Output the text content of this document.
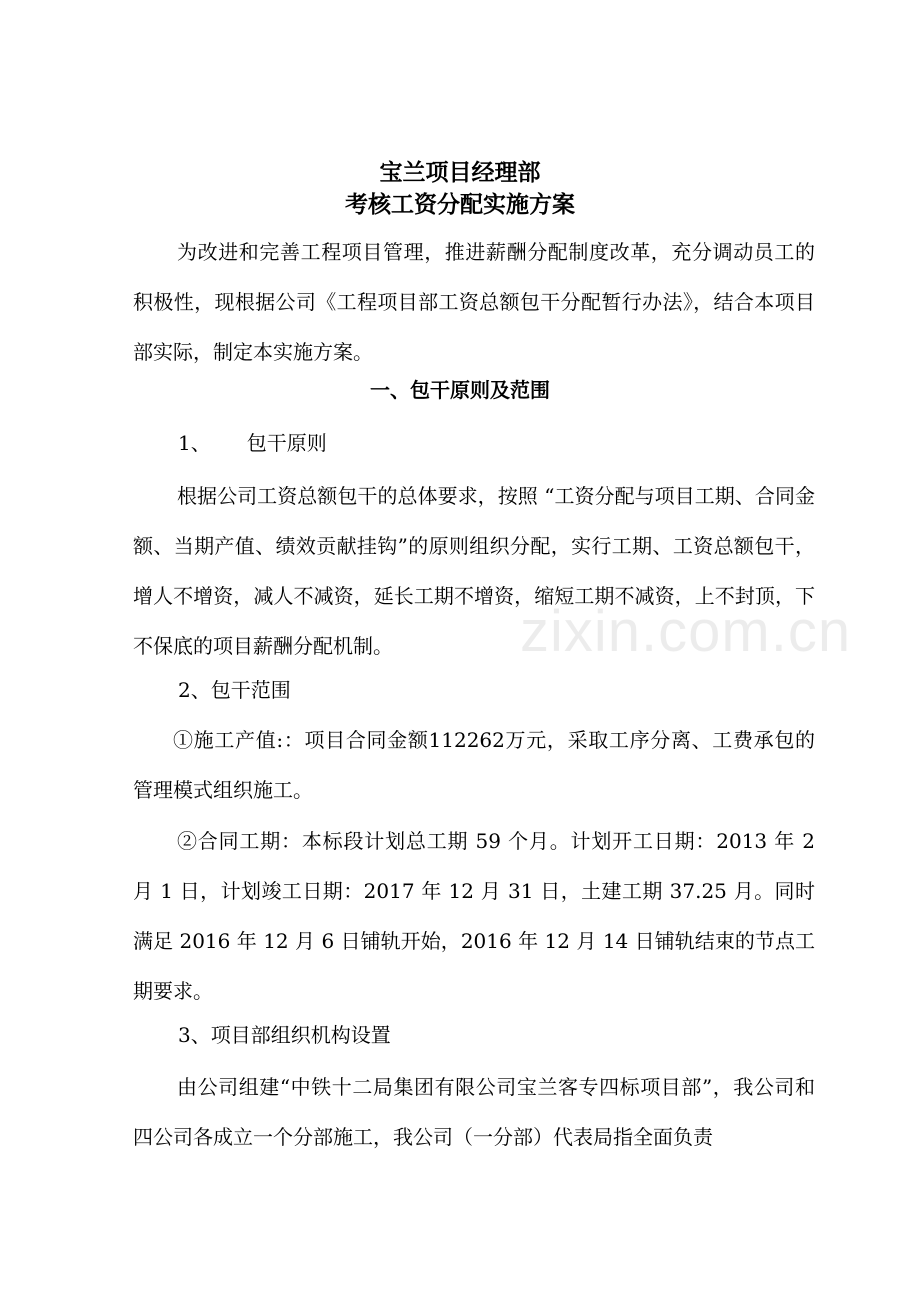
宝兰项目经理部
考核工资分配实施方案

为改进和完善工程项目管理，推进薪酬分配制度改革，充分调动员工的积极性，现根据公司《工程项目部工资总额包干分配暂行办法》，结合本项目部实际，制定本实施方案。

一、包干原则及范围

1、 包干原则

根据公司工资总额包干的总体要求，按照 “工资分配与项目工期、合同金额、当期产值、绩效贡献挂钩”的原则组织分配，实行工期、工资总额包干，增人不增资，减人不减资，延长工期不增资，缩短工期不减资，上不封顶，下不保底的项目薪酬分配机制。

2、包干范围

①施工产值:：项目合同金额112262万元，采取工序分离、工费承包的管理模式组织施工。

②合同工期：本标段计划总工期 59 个月。计划开工日期：2013 年 2 月 1 日，计划竣工日期：2017 年 12 月 31 日，土建工期 37.25 月。同时满足 2016 年 12 月 6 日铺轨开始，2016 年 12 月 14 日铺轨结束的节点工期要求。

3、项目部组织机构设置

由公司组建“中铁十二局集团有限公司宝兰客专四标项目部”，我公司和四公司各成立一个分部施工，我公司（一分部）代表局指全面负责

zixin.com.cn
